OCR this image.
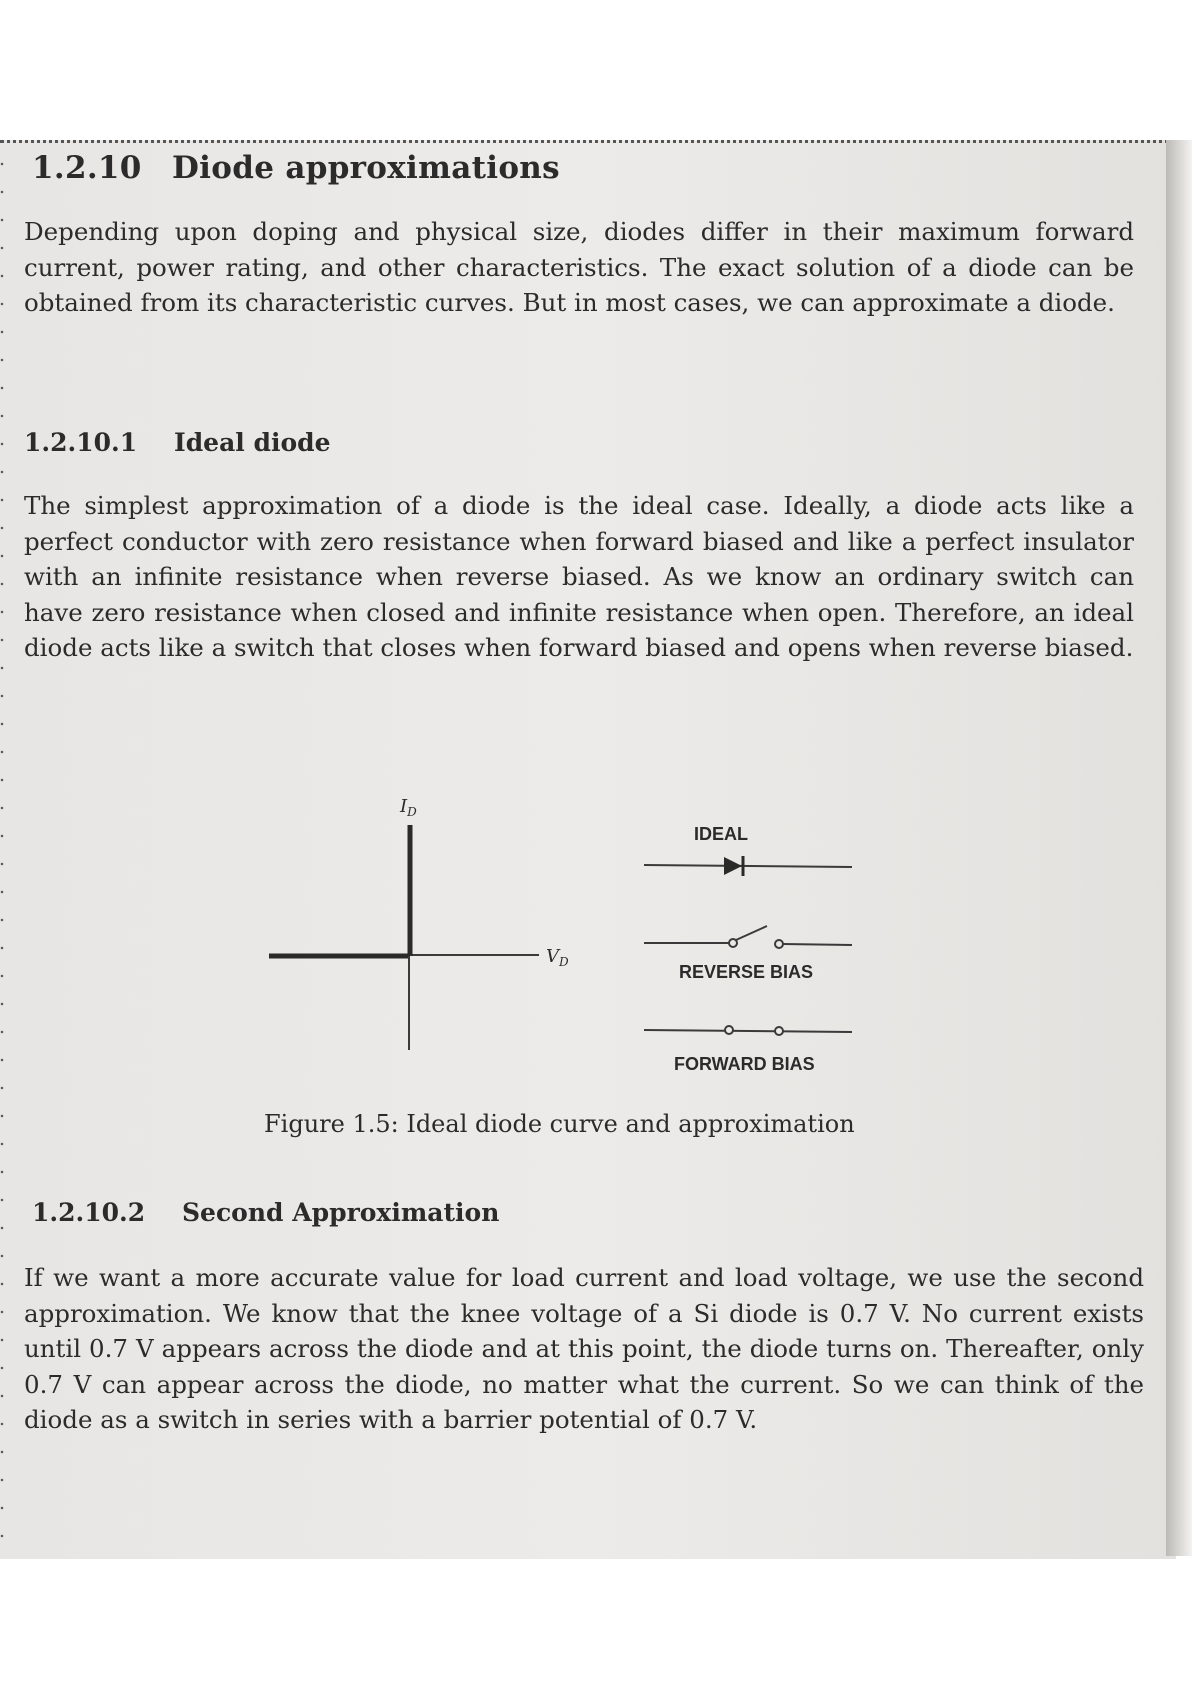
1.2.10 Diode approximations

Depending upon doping and physical size, diodes differ in their maximum forward current, power rating, and other characteristics. The exact solution of a diode can be obtained from its characteristic curves. But in most cases, we can approximate a diode.

1.2.10.1 Ideal diode

The simplest approximation of a diode is the ideal case. Ideally, a diode acts like a perfect conductor with zero resistance when forward biased and like a perfect insulator with an infinite resistance when reverse biased. As we know an ordinary switch can have zero resistance when closed and infinite resistance when open. Therefore, an ideal diode acts like a switch that closes when forward biased and opens when reverse biased.

$I_D$
$V_D$
IDEAL
REVERSE BIAS
FORWARD BIAS
Figure 1.5: Ideal diode curve and approximation
1.2.10.2 Second Approximation

If we want a more accurate value for load current and load voltage, we use the second approximation. We know that the knee voltage of a Si diode is 0.7 V. No current exists until 0.7 V appears across the diode and at this point, the diode turns on. Thereafter, only 0.7 V can appear across the diode, no matter what the current. So we can think of the diode as a switch in series with a barrier potential of 0.7 V.
